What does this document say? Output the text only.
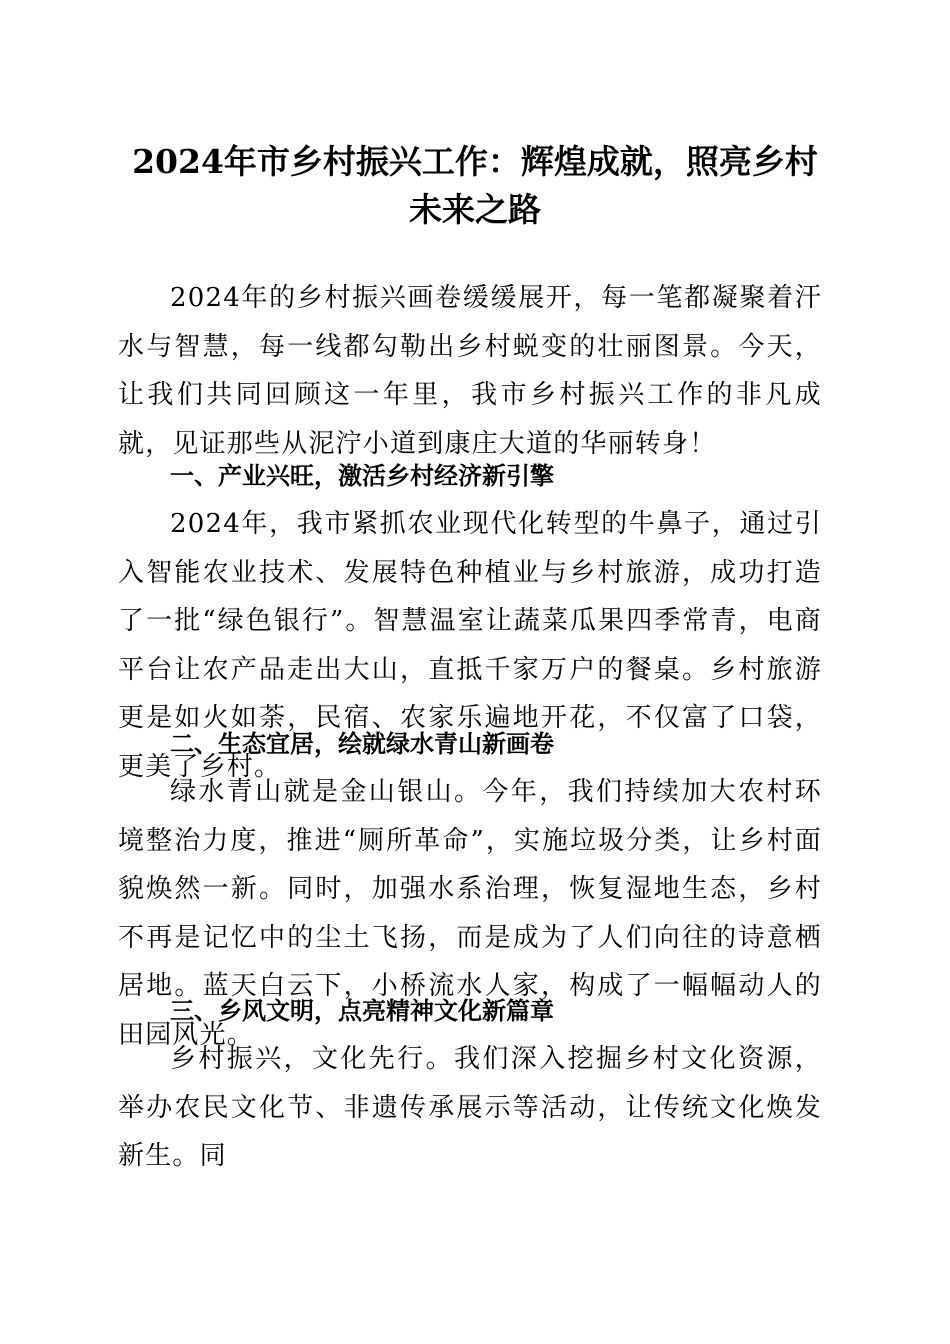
2024年市乡村振兴工作：辉煌成就，照亮乡村未来之路

2024年的乡村振兴画卷缓缓展开，每一笔都凝聚着汗水与智慧，每一线都勾勒出乡村蜕变的壮丽图景。今天，让我们共同回顾这一年里，我市乡村振兴工作的非凡成就，见证那些从泥泞小道到康庄大道的华丽转身！

一、产业兴旺，激活乡村经济新引擎

2024年，我市紧抓农业现代化转型的牛鼻子，通过引入智能农业技术、发展特色种植业与乡村旅游，成功打造了一批“绿色银行”。智慧温室让蔬菜瓜果四季常青，电商平台让农产品走出大山，直抵千家万户的餐桌。乡村旅游更是如火如荼，民宿、农家乐遍地开花，不仅富了口袋，更美了乡村。

二、生态宜居，绘就绿水青山新画卷

绿水青山就是金山银山。今年，我们持续加大农村环境整治力度，推进“厕所革命”，实施垃圾分类，让乡村面貌焕然一新。同时，加强水系治理，恢复湿地生态，乡村不再是记忆中的尘土飞扬，而是成为了人们向往的诗意栖居地。蓝天白云下，小桥流水人家，构成了一幅幅动人的田园风光。

三、乡风文明，点亮精神文化新篇章

乡村振兴，文化先行。我们深入挖掘乡村文化资源，举办农民文化节、非遗传承展示等活动，让传统文化焕发新生。同
